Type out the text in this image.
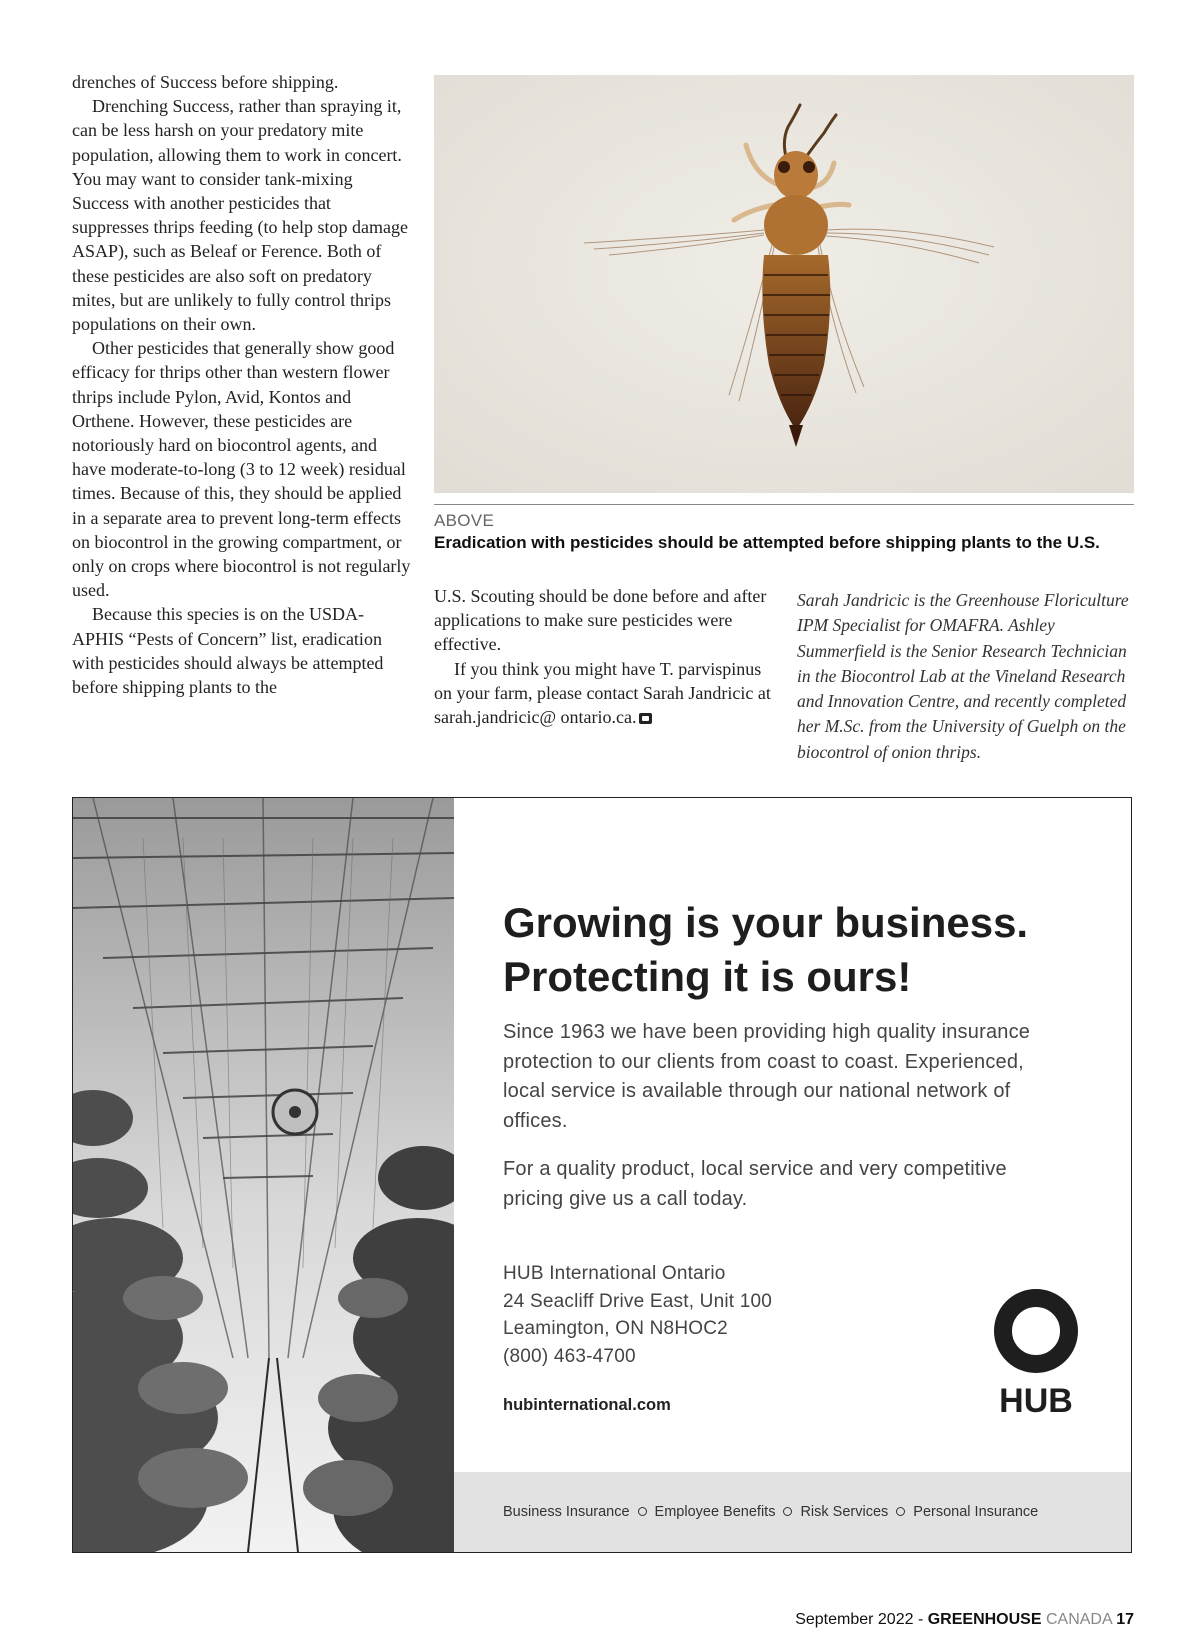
drenches of Success before shipping.

Drenching Success, rather than spraying it, can be less harsh on your predatory mite population, allowing them to work in concert. You may want to consider tank-mixing Success with another pesticides that suppresses thrips feeding (to help stop damage ASAP), such as Beleaf or Ference. Both of these pesticides are also soft on predatory mites, but are unlikely to fully control thrips populations on their own.

Other pesticides that generally show good efficacy for thrips other than western flower thrips include Pylon, Avid, Kontos and Orthene. However, these pesticides are notoriously hard on biocontrol agents, and have moderate-to-long (3 to 12 week) residual times. Because of this, they should be applied in a separate area to prevent long-term effects on biocontrol in the growing compartment, or only on crops where biocontrol is not regularly used.

Because this species is on the USDA-APHIS “Pests of Concern” list, eradication with pesticides should always be attempted before shipping plants to the

ABOVE
Eradication with pesticides should be attempted before shipping plants to the U.S.

U.S. Scouting should be done before and after applications to make sure pesticides were effective.

If you think you might have T. parvispinus on your farm, please contact Sarah Jandricic at sarah.jandricic@ ontario.ca.

Sarah Jandricic is the Greenhouse Floriculture IPM Specialist for OMAFRA. Ashley Summerfield is the Senior Research Technician in the Biocontrol Lab at the Vineland Research and Innovation Centre, and recently completed her M.Sc. from the University of Guelph on the biocontrol of onion thrips.
Growing is your business.
Protecting it is ours!
Since 1963 we have been providing high quality insurance protection to our clients from coast to coast. Experienced, local service is available through our national network of offices.
For a quality product, local service and very competitive pricing give us a call today.
HUB International Ontario
24 Seacliff Drive East, Unit 100
Leamington, ON N8HOC2
(800) 463-4700
hubinternational.com	HUB
Business Insurance Employee Benefits Risk Services Personal Insurance
September 2022 - GREENHOUSE CANADA 17
